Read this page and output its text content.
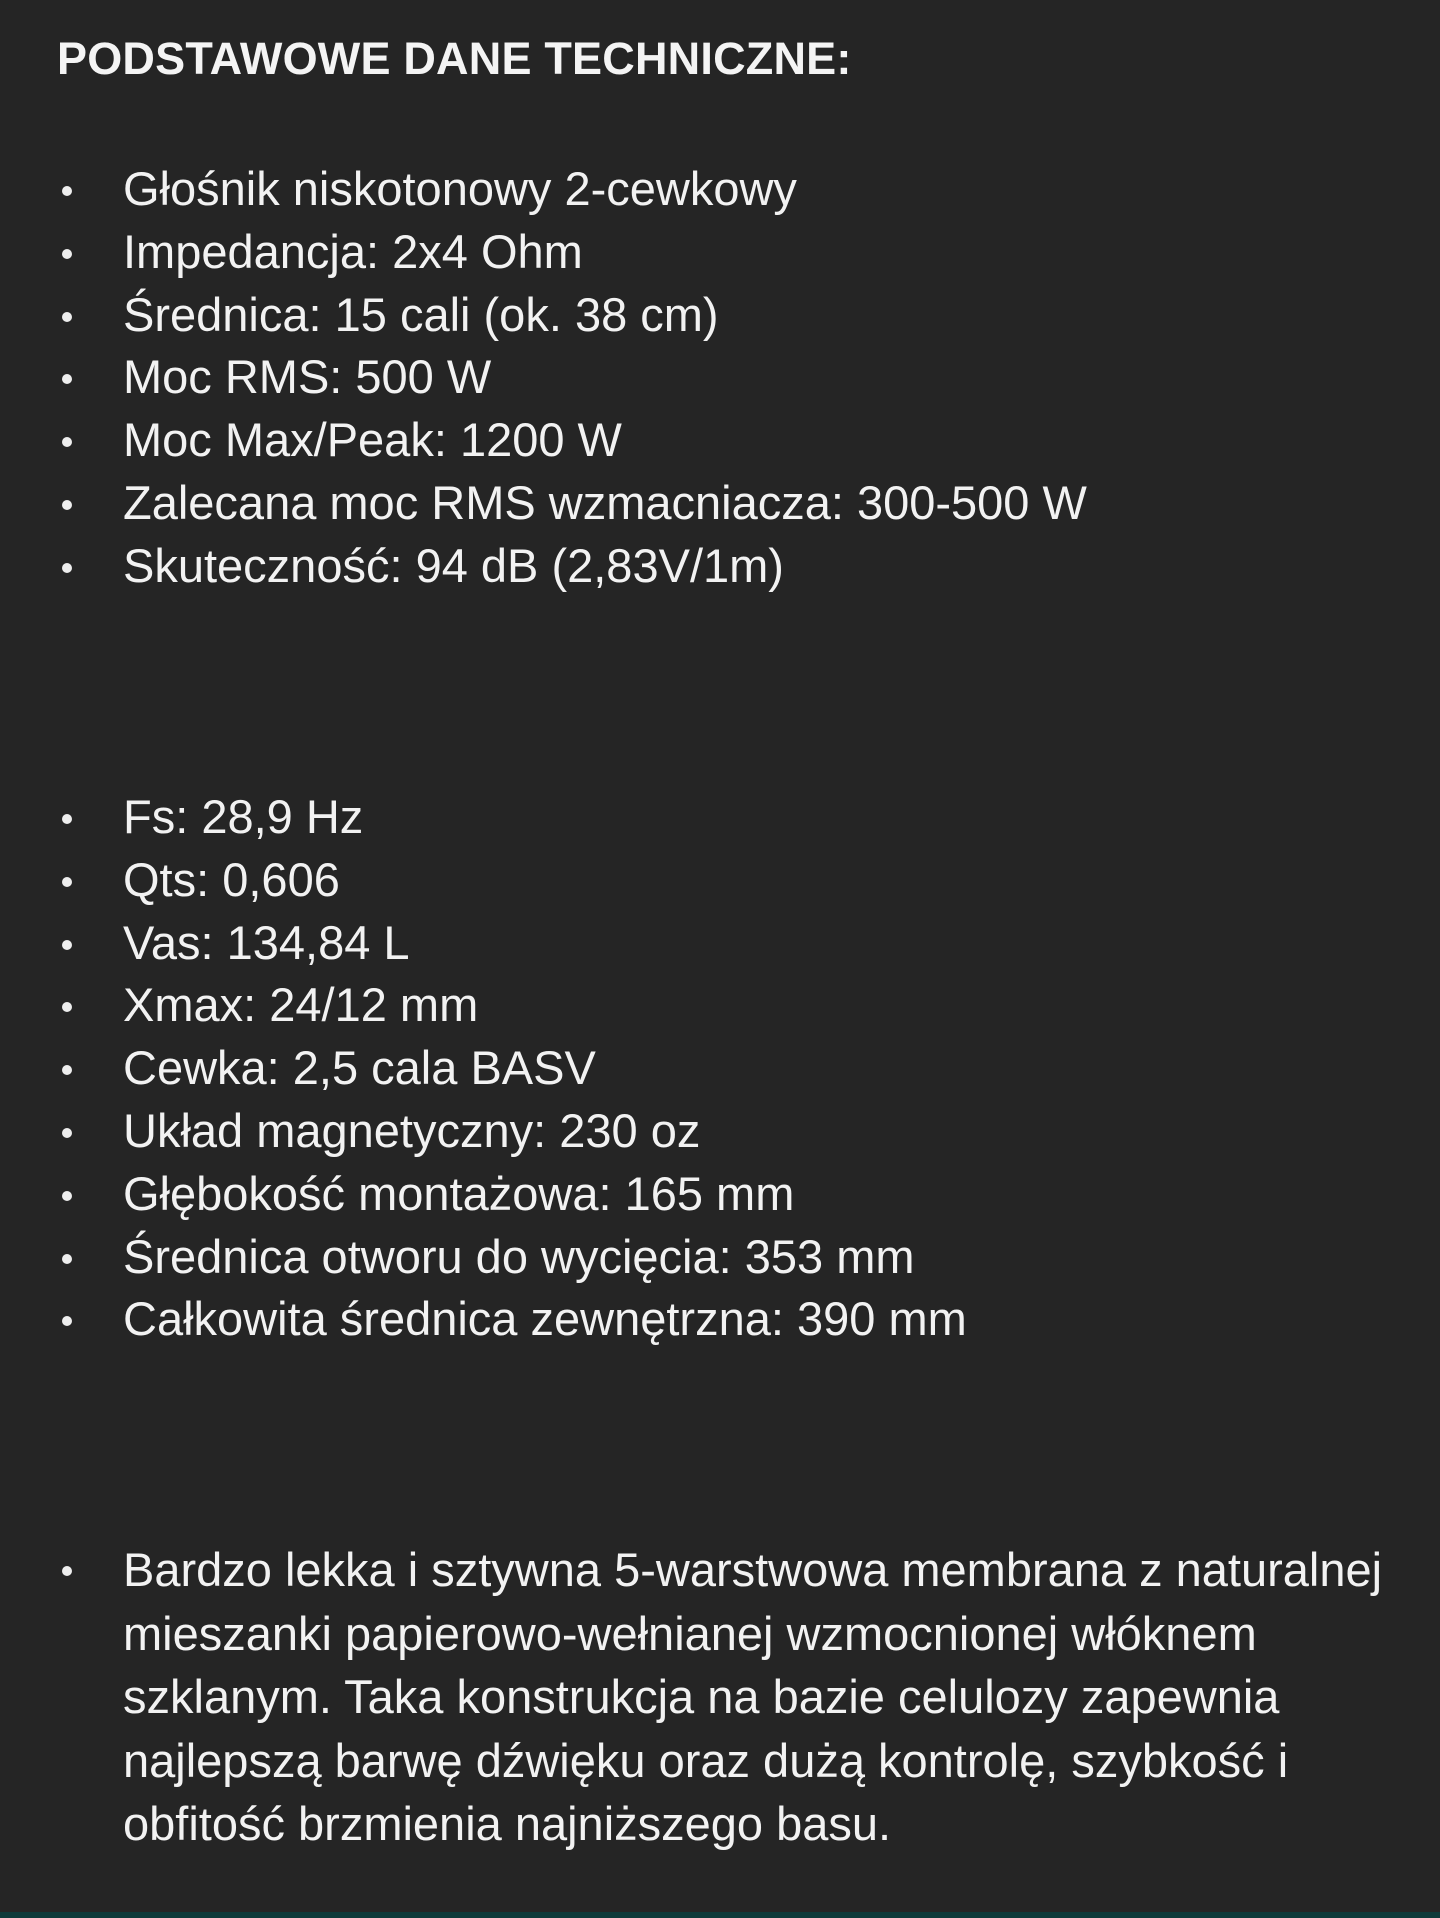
PODSTAWOWE DANE TECHNICZNE:
Głośnik niskotonowy 2-cewkowy
Impedancja: 2x4 Ohm
Średnica: 15 cali (ok. 38 cm)
Moc RMS: 500 W
Moc Max/Peak: 1200 W
Zalecana moc RMS wzmacniacza: 300-500 W
Skuteczność: 94 dB (2,83V/1m)
Fs: 28,9 Hz
Qts: 0,606
Vas: 134,84 L
Xmax: 24/12 mm
Cewka: 2,5 cala BASV
Układ magnetyczny: 230 oz
Głębokość montażowa: 165 mm
Średnica otworu do wycięcia: 353 mm
Całkowita średnica zewnętrzna: 390 mm
Bardzo lekka i sztywna 5-warstwowa membrana z naturalnej mieszanki papierowo-wełnianej wzmocnionej włóknem szklanym. Taka konstrukcja na bazie celulozy zapewnia najlepszą barwę dźwięku oraz dużą kontrolę, szybkość i obfitość brzmienia najniższego basu.
